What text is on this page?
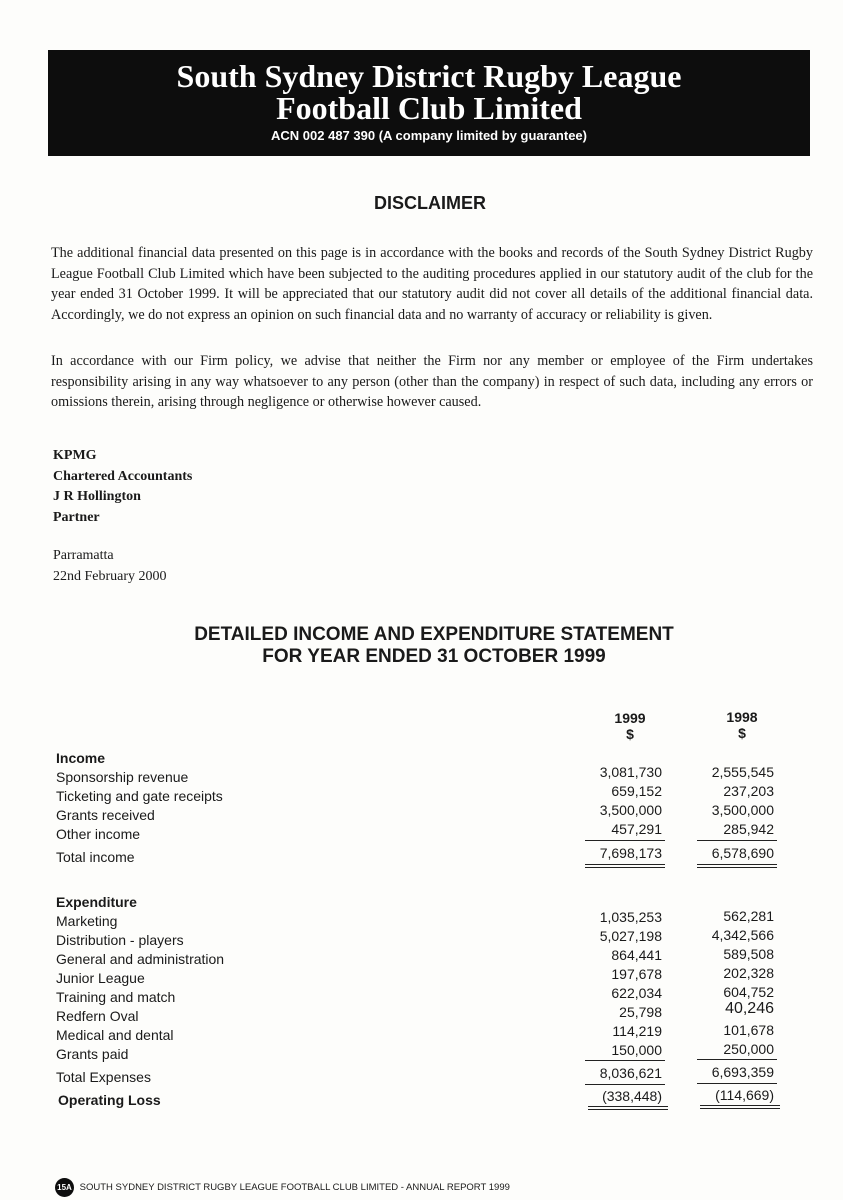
South Sydney District Rugby League
Football Club Limited
ACN 002 487 390 (A company limited by guarantee)
DISCLAIMER

The additional financial data presented on this page is in accordance with the books and records of the South Sydney District Rugby League Football Club Limited which have been subjected to the auditing procedures applied in our statutory audit of the club for the year ended 31 October 1999. It will be appreciated that our statutory audit did not cover all details of the additional financial data. Accordingly, we do not express an opinion on such financial data and no warranty of accuracy or reliability is given.

In accordance with our Firm policy, we advise that neither the Firm nor any member or employee of the Firm undertakes responsibility arising in any way whatsoever to any person (other than the company) in respect of such data, including any errors or omissions therein, arising through negligence or otherwise however caused.

KPMG
Chartered Accountants
J R Hollington
Partner
Parramatta
22nd February 2000
DETAILED INCOME AND EXPENDITURE STATEMENT
FOR YEAR ENDED 31 OCTOBER 1999
1999
$
1998
$
Income
Sponsorship revenue	3,081,730	2,555,545
Ticketing and gate receipts	659,152	237,203
Grants received	3,500,000	3,500,000
Other income	457,291	285,942
Total income	7,698,173	6,578,690
Expenditure
Marketing	1,035,253	562,281
Distribution - players	5,027,198	4,342,566
General and administration	864,441	589,508
Junior League	197,678	202,328
Training and match	622,034	604,752
Redfern Oval	25,798	40,246
Medical and dental	114,219	101,678
Grants paid	150,000	250,000
Total Expenses	8,036,621	6,693,359
Operating Loss	(338,448)	(114,669)
15A SOUTH SYDNEY DISTRICT RUGBY LEAGUE FOOTBALL CLUB LIMITED - ANNUAL REPORT 1999
